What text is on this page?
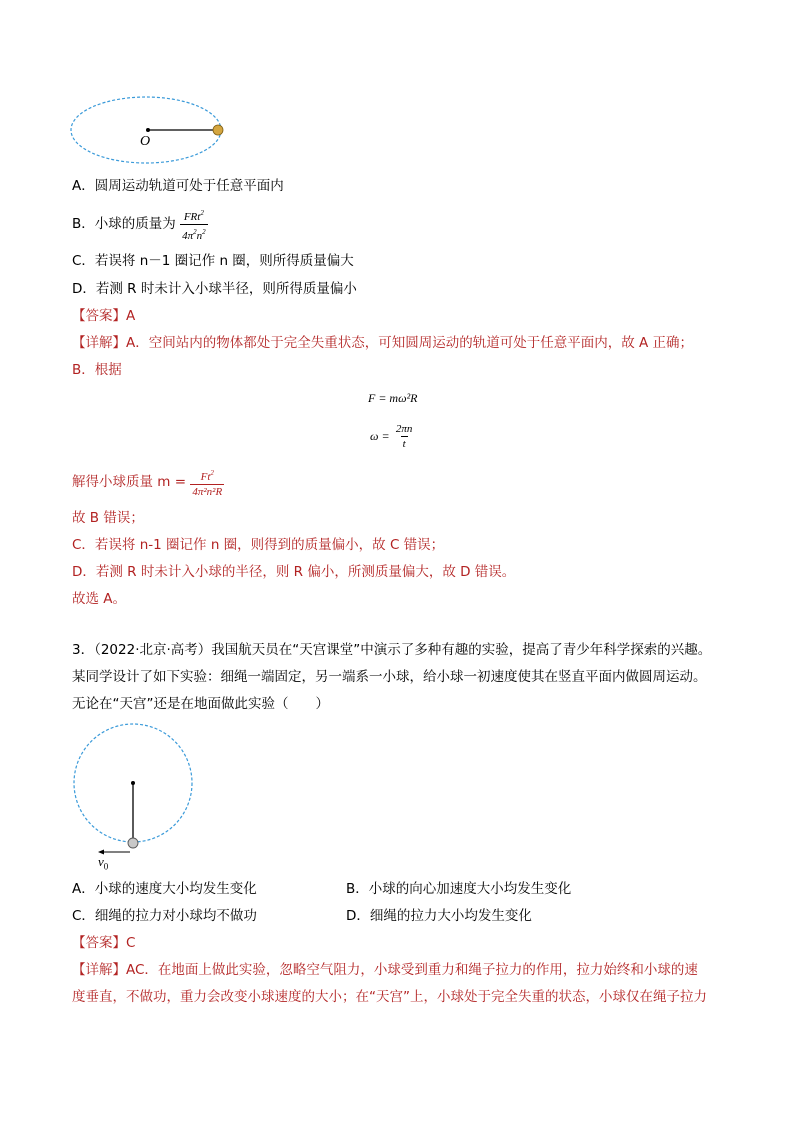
O
A．圆周运动轨道可处于任意平面内
B．小球的质量为 $\frac{FRt^2}{4\pi^2n^2}$
C．若误将 n－1 圈记作 n 圈，则所得质量偏大
D．若测 R 时未计入小球半径，则所得质量偏小
【答案】A
【详解】A．空间站内的物体都处于完全失重状态，可知圆周运动的轨道可处于任意平面内，故 A 正确；
B．根据
F = mω²R
$\omega = \frac{2\pi n}{t}$
解得小球质量 $m = \frac{Ft^2}{\text{4π²n²R}}$
故 B 错误；
C．若误将 n-1 圈记作 n 圈，则得到的质量偏小，故 C 错误；
D．若测 R 时未计入小球的半径，则 R 偏小，所测质量偏大，故 D 错误。
故选 A。
3．（2022·北京·高考）我国航天员在“天宫课堂”中演示了多种有趣的实验，提高了青少年科学探索的兴趣。
某同学设计了如下实验：细绳一端固定，另一端系一小球，给小球一初速度使其在竖直平面内做圆周运动。
无论在“天宫”还是在地面做此实验（　　）
$v_0$
A．小球的速度大小均发生变化	B．小球的向心加速度大小均发生变化
C．细绳的拉力对小球均不做功	D．细绳的拉力大小均发生变化
【答案】C
【详解】AC．在地面上做此实验，忽略空气阻力，小球受到重力和绳子拉力的作用，拉力始终和小球的速
度垂直，不做功，重力会改变小球速度的大小；在“天宫”上，小球处于完全失重的状态，小球仅在绳子拉力
